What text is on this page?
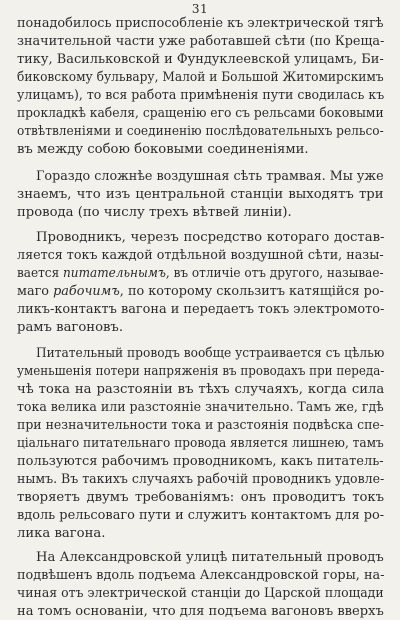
31
понадобилось приспособленіе къ электрической тягѣ
значительной части уже работавшей сѣти (по Креща-
тику, Васильковской и Фундуклеевской улицамъ, Би-
биковскому бульвару, Малой и Большой Житомирскимъ
улицамъ), то вся работа примѣненія пути сводилась къ
прокладкѣ кабеля, сращенію его съ рельсами боковыми
отвѣтвленіями и соединенію послѣдовательныхъ рельсо-
въ между собою боковыми соединеніями.
Гораздо сложнѣе воздушная сѣть трамвая. Мы уже
знаемъ, что изъ центральной станціи выходятъ три
провода (по числу трехъ вѣтвей линіи).
Проводникъ, черезъ посредство котораго достав-
ляется токъ каждой отдѣльной воздушной сѣти, назы-
вается питательнымъ, въ отличіе отъ другого, называе-
маго рабочимъ, по которому скользитъ катящійся ро-
ликъ-контактъ вагона и передаетъ токъ электромото-
рамъ вагоновъ.
Питательный проводъ вообще устраивается съ цѣлью
уменьшенія потери напряженія въ проводахъ при передa-
чѣ тока на разстояніи въ тѣхъ случаяхъ, когда сила
тока велика или разстояніе значительно. Тамъ же, гдѣ
при незначительности тока и разстоянія подвѣска спе-
ціальнаго питательнаго провода является лишнею, тамъ
пользуются рабочимъ проводникомъ, какъ питатель-
нымъ. Въ такихъ случаяхъ рабочій проводникъ удовле-
творяетъ двумъ требованіямъ: онъ проводитъ токъ
вдоль рельсоваго пути и служитъ контактомъ для ро-
лика вагона.
На Александровской улицѣ питательный проводъ
подвѣшенъ вдоль подъема Александровской горы, на-
чиная отъ электрической станціи до Царской площади
на томъ основаніи, что для подъема вагоновъ вверхъ
